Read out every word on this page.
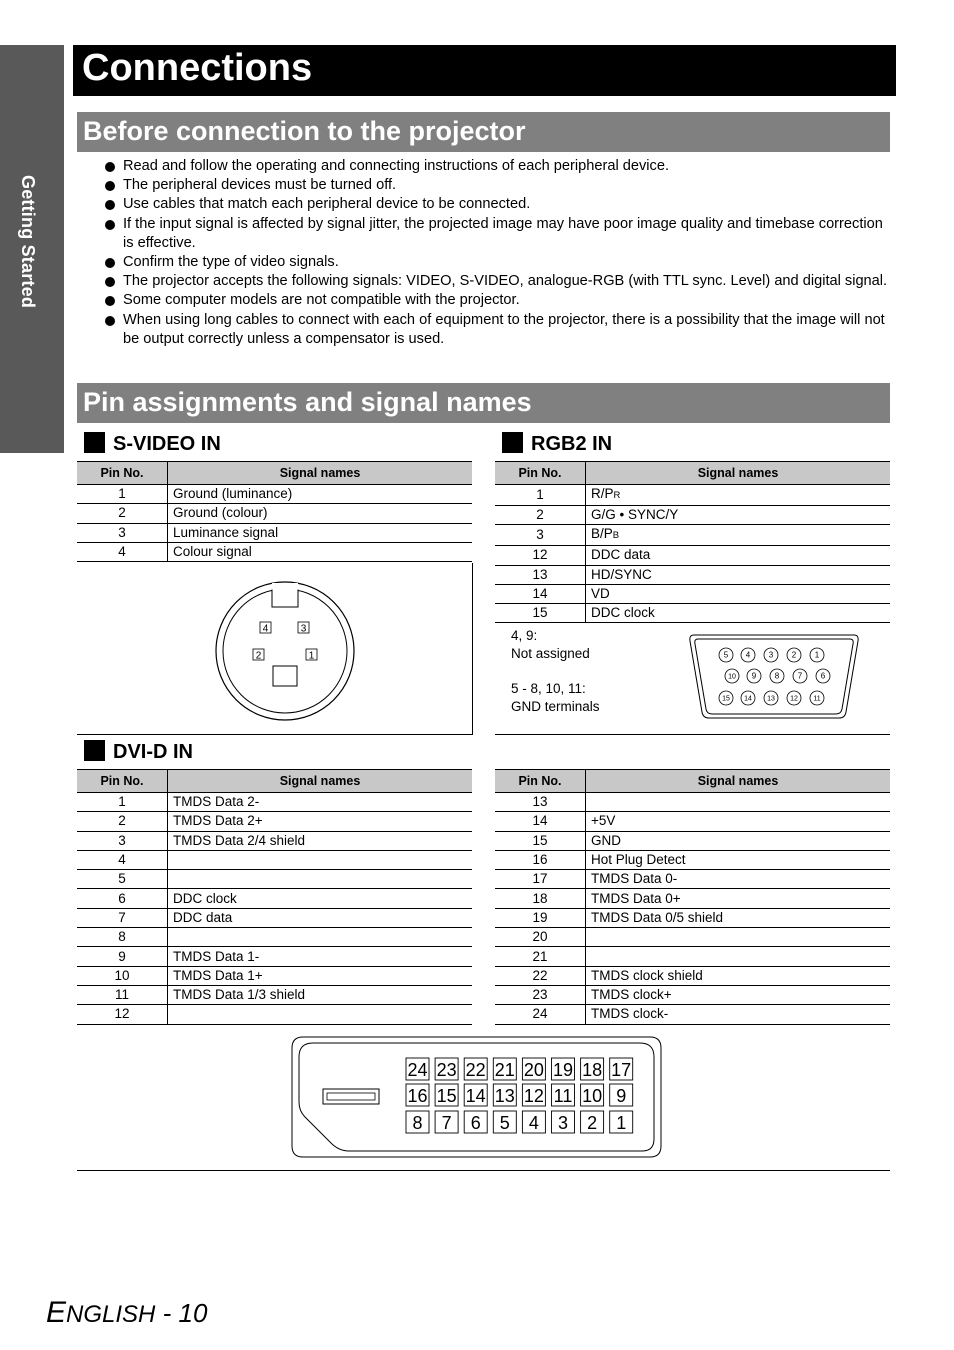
Getting Started
Connections
Before connection to the projector
Read and follow the operating and connecting instructions of each peripheral device.
The peripheral devices must be turned off.
Use cables that match each peripheral device to be connected.
If the input signal is affected by signal jitter, the projected image may have poor image quality and timebase correction is effective.
Confirm the type of video signals.
The projector accepts the following signals: VIDEO, S-VIDEO, analogue-RGB (with TTL sync. Level) and digital signal.
Some computer models are not compatible with the projector.
When using long cables to connect with each of equipment to the projector, there is a possibility that the image will not be output correctly unless a compensator is used.
Pin assignments and signal names
S-VIDEO IN
Pin No.	Signal names
1	Ground (luminance)
2	Ground (colour)
3	Luminance signal
4	Colour signal
4	3
2	1
RGB2 IN
Pin No.	Signal names
1	R/PR
2	G/G • SYNC/Y
3	B/PB
12	DDC data
13	HD/SYNC
14	VD
15	DDC clock
4, 9:
Not assigned
5 - 8, 10, 11:
GND terminals
5 4 3 2 1
10 9 8 7 6
15 14 13 12 11
DVI-D IN
Pin No.	Signal names
1	TMDS Data 2-
2	TMDS Data 2+
3	TMDS Data 2/4 shield
4	
5	
6	DDC clock
7	DDC data
8	
9	TMDS Data 1-
10	TMDS Data 1+
11	TMDS Data 1/3 shield
12	
Pin No.	Signal names
13	
14	+5V
15	GND
16	Hot Plug Detect
17	TMDS Data 0-
18	TMDS Data 0+
19	TMDS Data 0/5 shield
20	
21	
22	TMDS clock shield
23	TMDS clock+
24	TMDS clock-
24 23 22 21 20 19 18 17
16 15 14 13 12 11 10 9
8 7 6 5 4 3 2 1
ENGLISH - 10
